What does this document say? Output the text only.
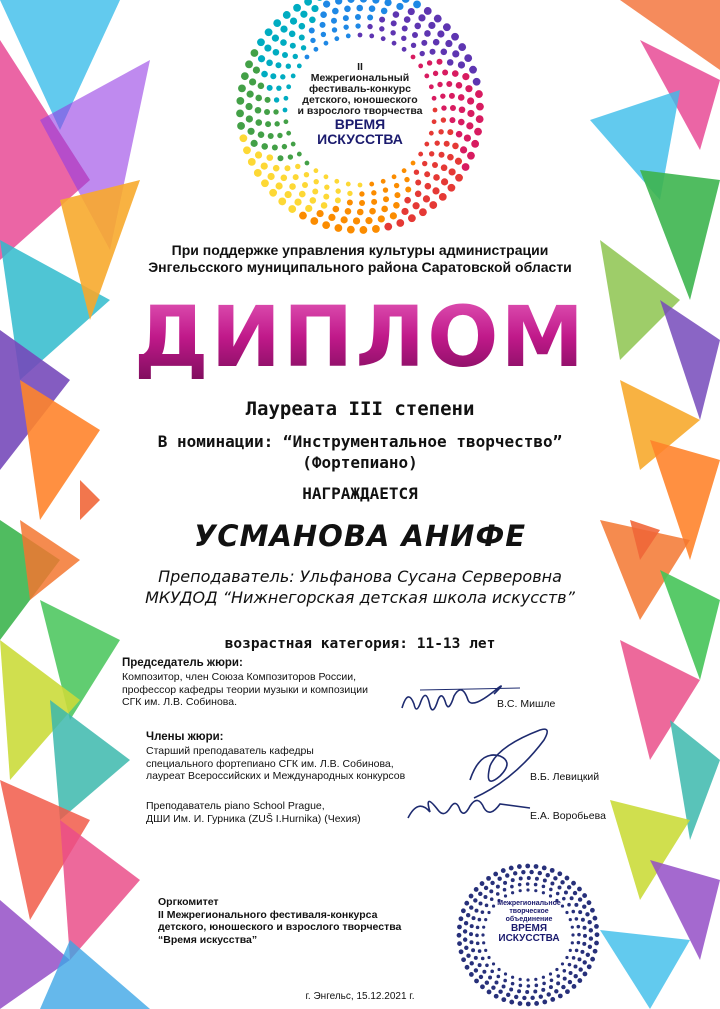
II
Межрегиональный
фестиваль-конкурс
детского, юношеского
и взрослого творчества
ВРЕМЯ
ИСКУССТВА
При поддержке управления культуры администрации
Энгельсского муниципального района Саратовской области
ДИПЛОМ
Лауреата III степени
В номинации: “Инструментальное творчество”
(Фортепиано)
НАГРАЖДАЕТСЯ
УСМАНОВА АНИФЕ
Преподаватель: Ульфанова Сусана Серверовна
МКУДОД “Нижнегорская детская школа искусств”
возрастная категория: 11-13 лет
Председатель жюри:
Композитор, член Союза Композиторов России,
профессор кафедры теории музыки и композиции
СГК им. Л.В. Собинова.	В.С. Мишле
Члены жюри:
Старший преподаватель кафедры
специального фортепиано СГК им. Л.В. Собинова,
лауреат Всероссийских и Международных конкурсов	В.Б. Левицкий
Преподаватель piano School Prague,
ДШИ Им. И. Гурника (ZUŠ I.Hurnika) (Чехия)	Е.А. Воробьева
Оргкомитет
II Межрегионального фестиваля-конкурса
детского, юношеского и взрослого творчества
“Время искусства”
Межрегиональное
творческое
объединение
ВРЕМЯ
ИСКУССТВА
г. Энгельс, 15.12.2021 г.
